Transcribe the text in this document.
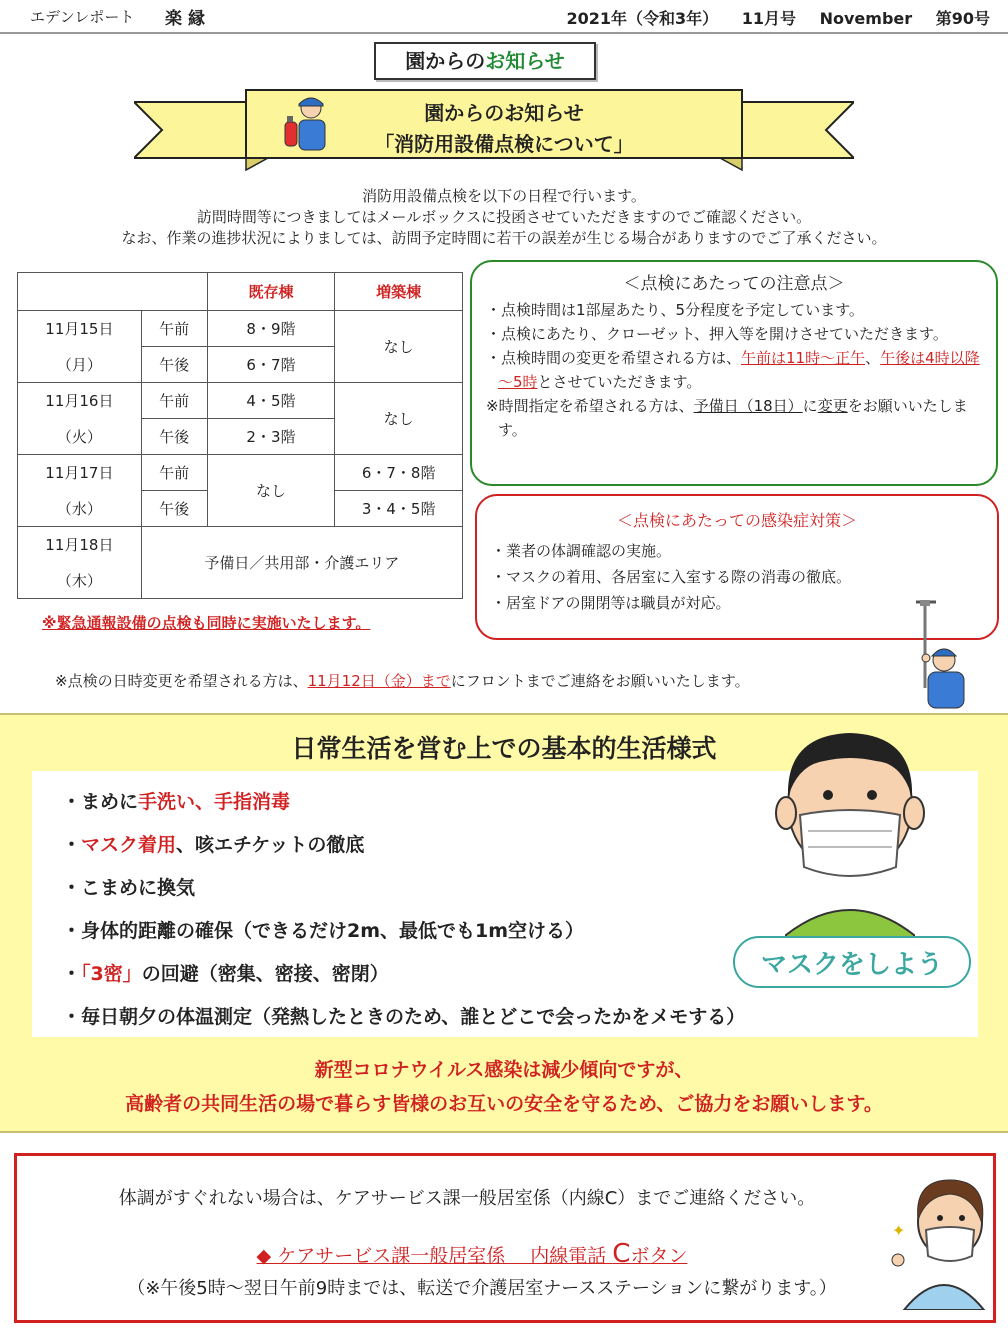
エデンレポート 楽縁	2021年（令和3年） 11月号 November 第90号
園からのお知らせ
園からのお知らせ
「消防用設備点検について」
消防用設備点検を以下の日程で行います。
訪問時間等につきましてはメールボックスに投函させていただきますのでご確認ください。
なお、作業の進捗状況によりましては、訪問予定時間に若干の誤差が生じる場合がありますのでご了承ください。
		既存棟	増築棟
11月15日	午前	8・9階	なし
（月）	午後	6・7階	
11月16日	午前	4・5階	なし
（火）	午後	2・3階	
11月17日	午前	なし	6・7・8階
（水）	午後		3・4・5階
11月18日	予備日／共用部・介護エリア		
（木）			
※緊急通報設備の点検も同時に実施いたします。
＜点検にあたっての注意点＞

・点検時間は1部屋あたり、5分程度を予定しています。

・点検にあたり、クローゼット、押入等を開けさせていただきます。

・点検時間の変更を希望される方は、午前は11時～正午、午後は4時以降～5時とさせていただきます。

※時間指定を希望される方は、予備日（18日）に変更をお願いいたします。

＜点検にあたっての感染症対策＞

・業者の体調確認の実施。

・マスクの着用、各居室に入室する際の消毒の徹底。

・居室ドアの開閉等は職員が対応。

※点検の日時変更を希望される方は、11月12日（金）までにフロントまでご連絡をお願いいたします。
日常生活を営む上での基本的生活様式

・まめに手洗い、手指消毒

・マスク着用、咳エチケットの徹底

・こまめに換気

・身体的距離の確保（できるだけ2m、最低でも1m空ける）

・「3密」の回避（密集、密接、密閉）

・毎日朝夕の体温測定（発熱したときのため、誰とどこで会ったかをメモする）

マスクをしよう
新型コロナウイルス感染は減少傾向ですが、
高齢者の共同生活の場で暮らす皆様のお互いの安全を守るため、ご協力をお願いします。
体調がすぐれない場合は、ケアサービス課一般居室係（内線C）までご連絡ください。
◆ ケアサービス課一般居室係　 内線電話 Cボタン
（※午後5時～翌日午前9時までは、転送で介護居室ナースステーションに繋がります。）
✦
